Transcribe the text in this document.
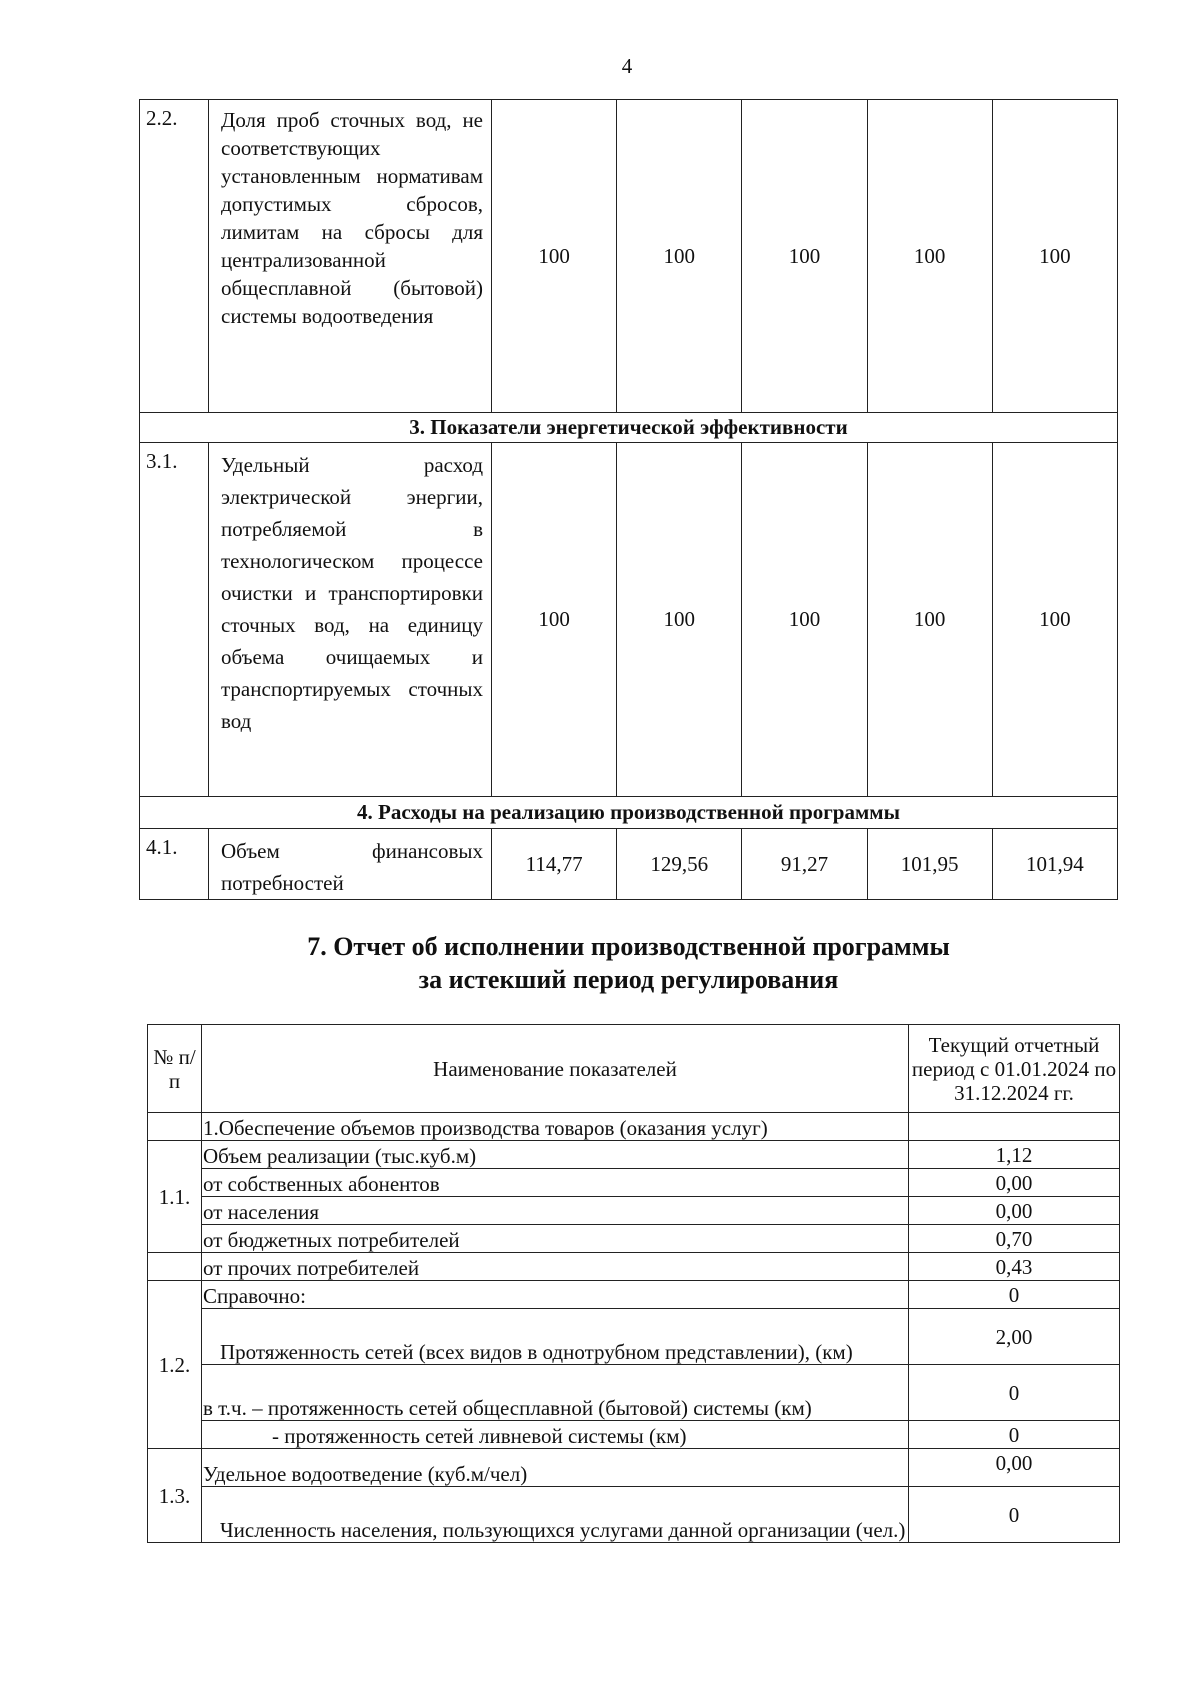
4
2.2.	Доля проб сточных вод, не соответствующих установленным нормативам допустимых сбросов, лимитам на сбросы для централизованной общесплавной (бытовой) системы водоотведения	100	100	100	100	100
3. Показатели энергетической эффективности						
3.1.	Удельный расход электрической энергии, потребляемой в технологическом процессе очистки и транспортировки сточных вод, на единицу объема очищаемых и транспортируемых сточных вод	100	100	100	100	100
4. Расходы на реализацию производственной программы						
4.1.	Объем финансовых потребностей	114,77	129,56	91,27	101,95	101,94
7. Отчет об исполнении производственной программы
за истекший период регулирования
№ п/п	Наименование показателей	Текущий отчетный период с 01.01.2024 по 31.12.2024 гг.
	1.Обеспечение объемов производства товаров (оказания услуг)	
1.1.	Объем реализации (тыс.куб.м)	1,12
	от собственных абонентов	0,00
	от населения	0,00
	от бюджетных потребителей	0,70
	от прочих потребителей	0,43
1.2.	Справочно:	0
	Протяженность сетей (всех видов в однотрубном представлении), (км)	2,00
	в т.ч. – протяженность сетей общесплавной (бытовой) системы (км)	0
	- протяженность сетей ливневой системы (км)	0
1.3.	Удельное водоотведение (куб.м/чел)	0,00
	Численность населения, пользующихся услугами данной организации (чел.)	0
